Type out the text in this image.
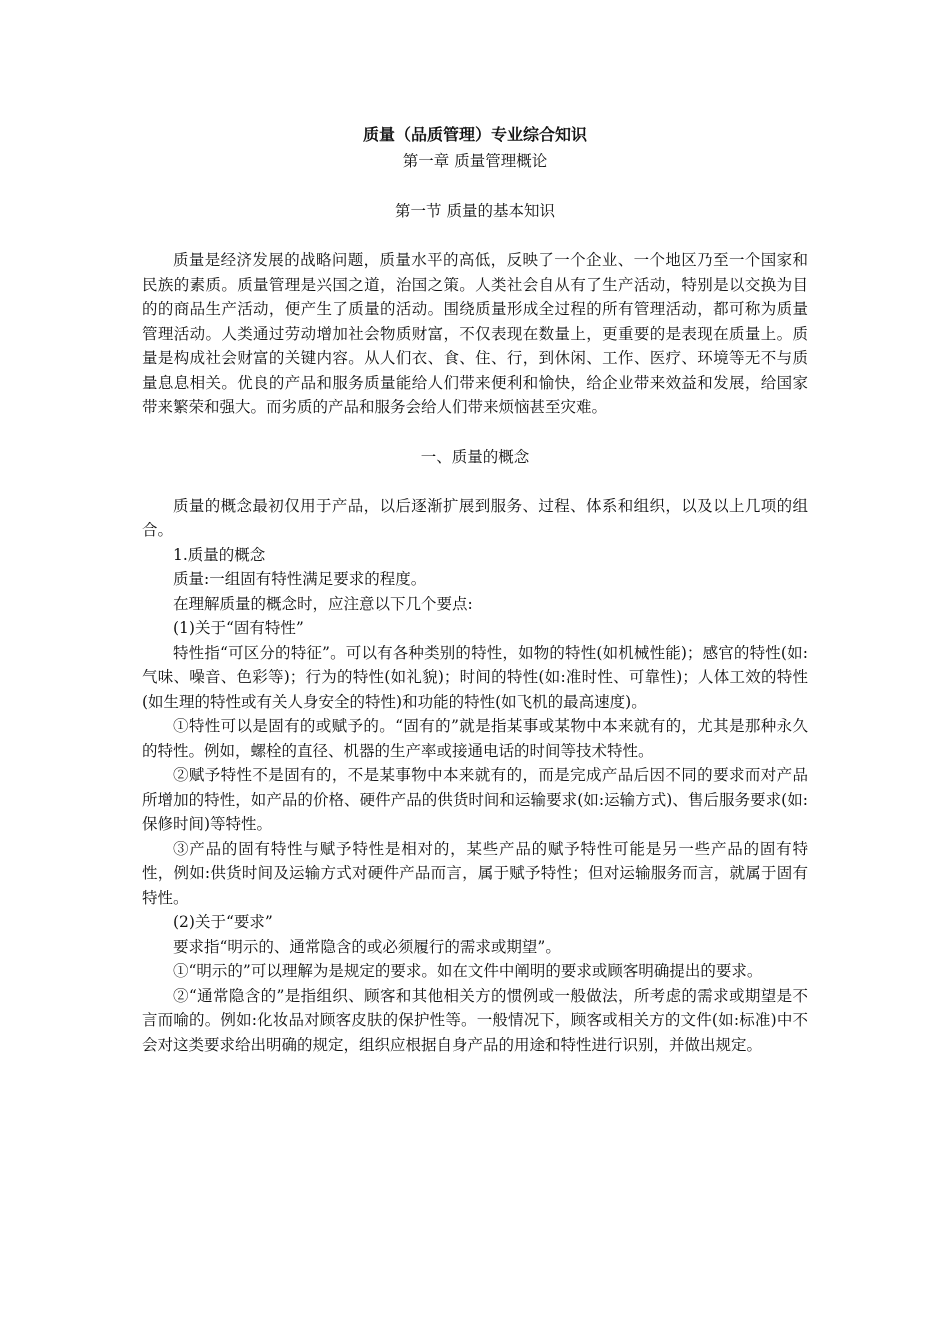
质量（品质管理）专业综合知识

第一章 质量管理概论

第一节 质量的基本知识

质量是经济发展的战略问题，质量水平的高低，反映了一个企业、一个地区乃至一个国家和民族的素质。质量管理是兴国之道，治国之策。人类社会自从有了生产活动，特别是以交换为目的的商品生产活动，便产生了质量的活动。围绕质量形成全过程的所有管理活动，都可称为质量管理活动。人类通过劳动增加社会物质财富，不仅表现在数量上，更重要的是表现在质量上。质量是构成社会财富的关键内容。从人们衣、食、住、行，到休闲、工作、医疗、环境等无不与质量息息相关。优良的产品和服务质量能给人们带来便利和愉快，给企业带来效益和发展，给国家带来繁荣和强大。而劣质的产品和服务会给人们带来烦恼甚至灾难。

一、质量的概念

质量的概念最初仅用于产品，以后逐渐扩展到服务、过程、体系和组织，以及以上几项的组合。

1.质量的概念

质量:一组固有特性满足要求的程度。

在理解质量的概念时，应注意以下几个要点:

(1)关于“固有特性”

特性指“可区分的特征”。可以有各种类别的特性，如物的特性(如机械性能)；感官的特性(如:气味、噪音、色彩等)；行为的特性(如礼貌)；时间的特性(如:准时性、可靠性)；人体工效的特性(如生理的特性或有关人身安全的特性)和功能的特性(如飞机的最高速度)。

①特性可以是固有的或赋予的。“固有的”就是指某事或某物中本来就有的，尤其是那种永久的特性。例如，螺栓的直径、机器的生产率或接通电话的时间等技术特性。

②赋予特性不是固有的，不是某事物中本来就有的，而是完成产品后因不同的要求而对产品所增加的特性，如产品的价格、硬件产品的供货时间和运输要求(如:运输方式)、售后服务要求(如:保修时间)等特性。

③产品的固有特性与赋予特性是相对的，某些产品的赋予特性可能是另一些产品的固有特性，例如:供货时间及运输方式对硬件产品而言，属于赋予特性；但对运输服务而言，就属于固有特性。

(2)关于“要求”

要求指“明示的、通常隐含的或必须履行的需求或期望”。

①“明示的”可以理解为是规定的要求。如在文件中阐明的要求或顾客明确提出的要求。

②“通常隐含的”是指组织、顾客和其他相关方的惯例或一般做法，所考虑的需求或期望是不言而喻的。例如:化妆品对顾客皮肤的保护性等。一般情况下，顾客或相关方的文件(如:标准)中不会对这类要求给出明确的规定，组织应根据自身产品的用途和特性进行识别，并做出规定。
